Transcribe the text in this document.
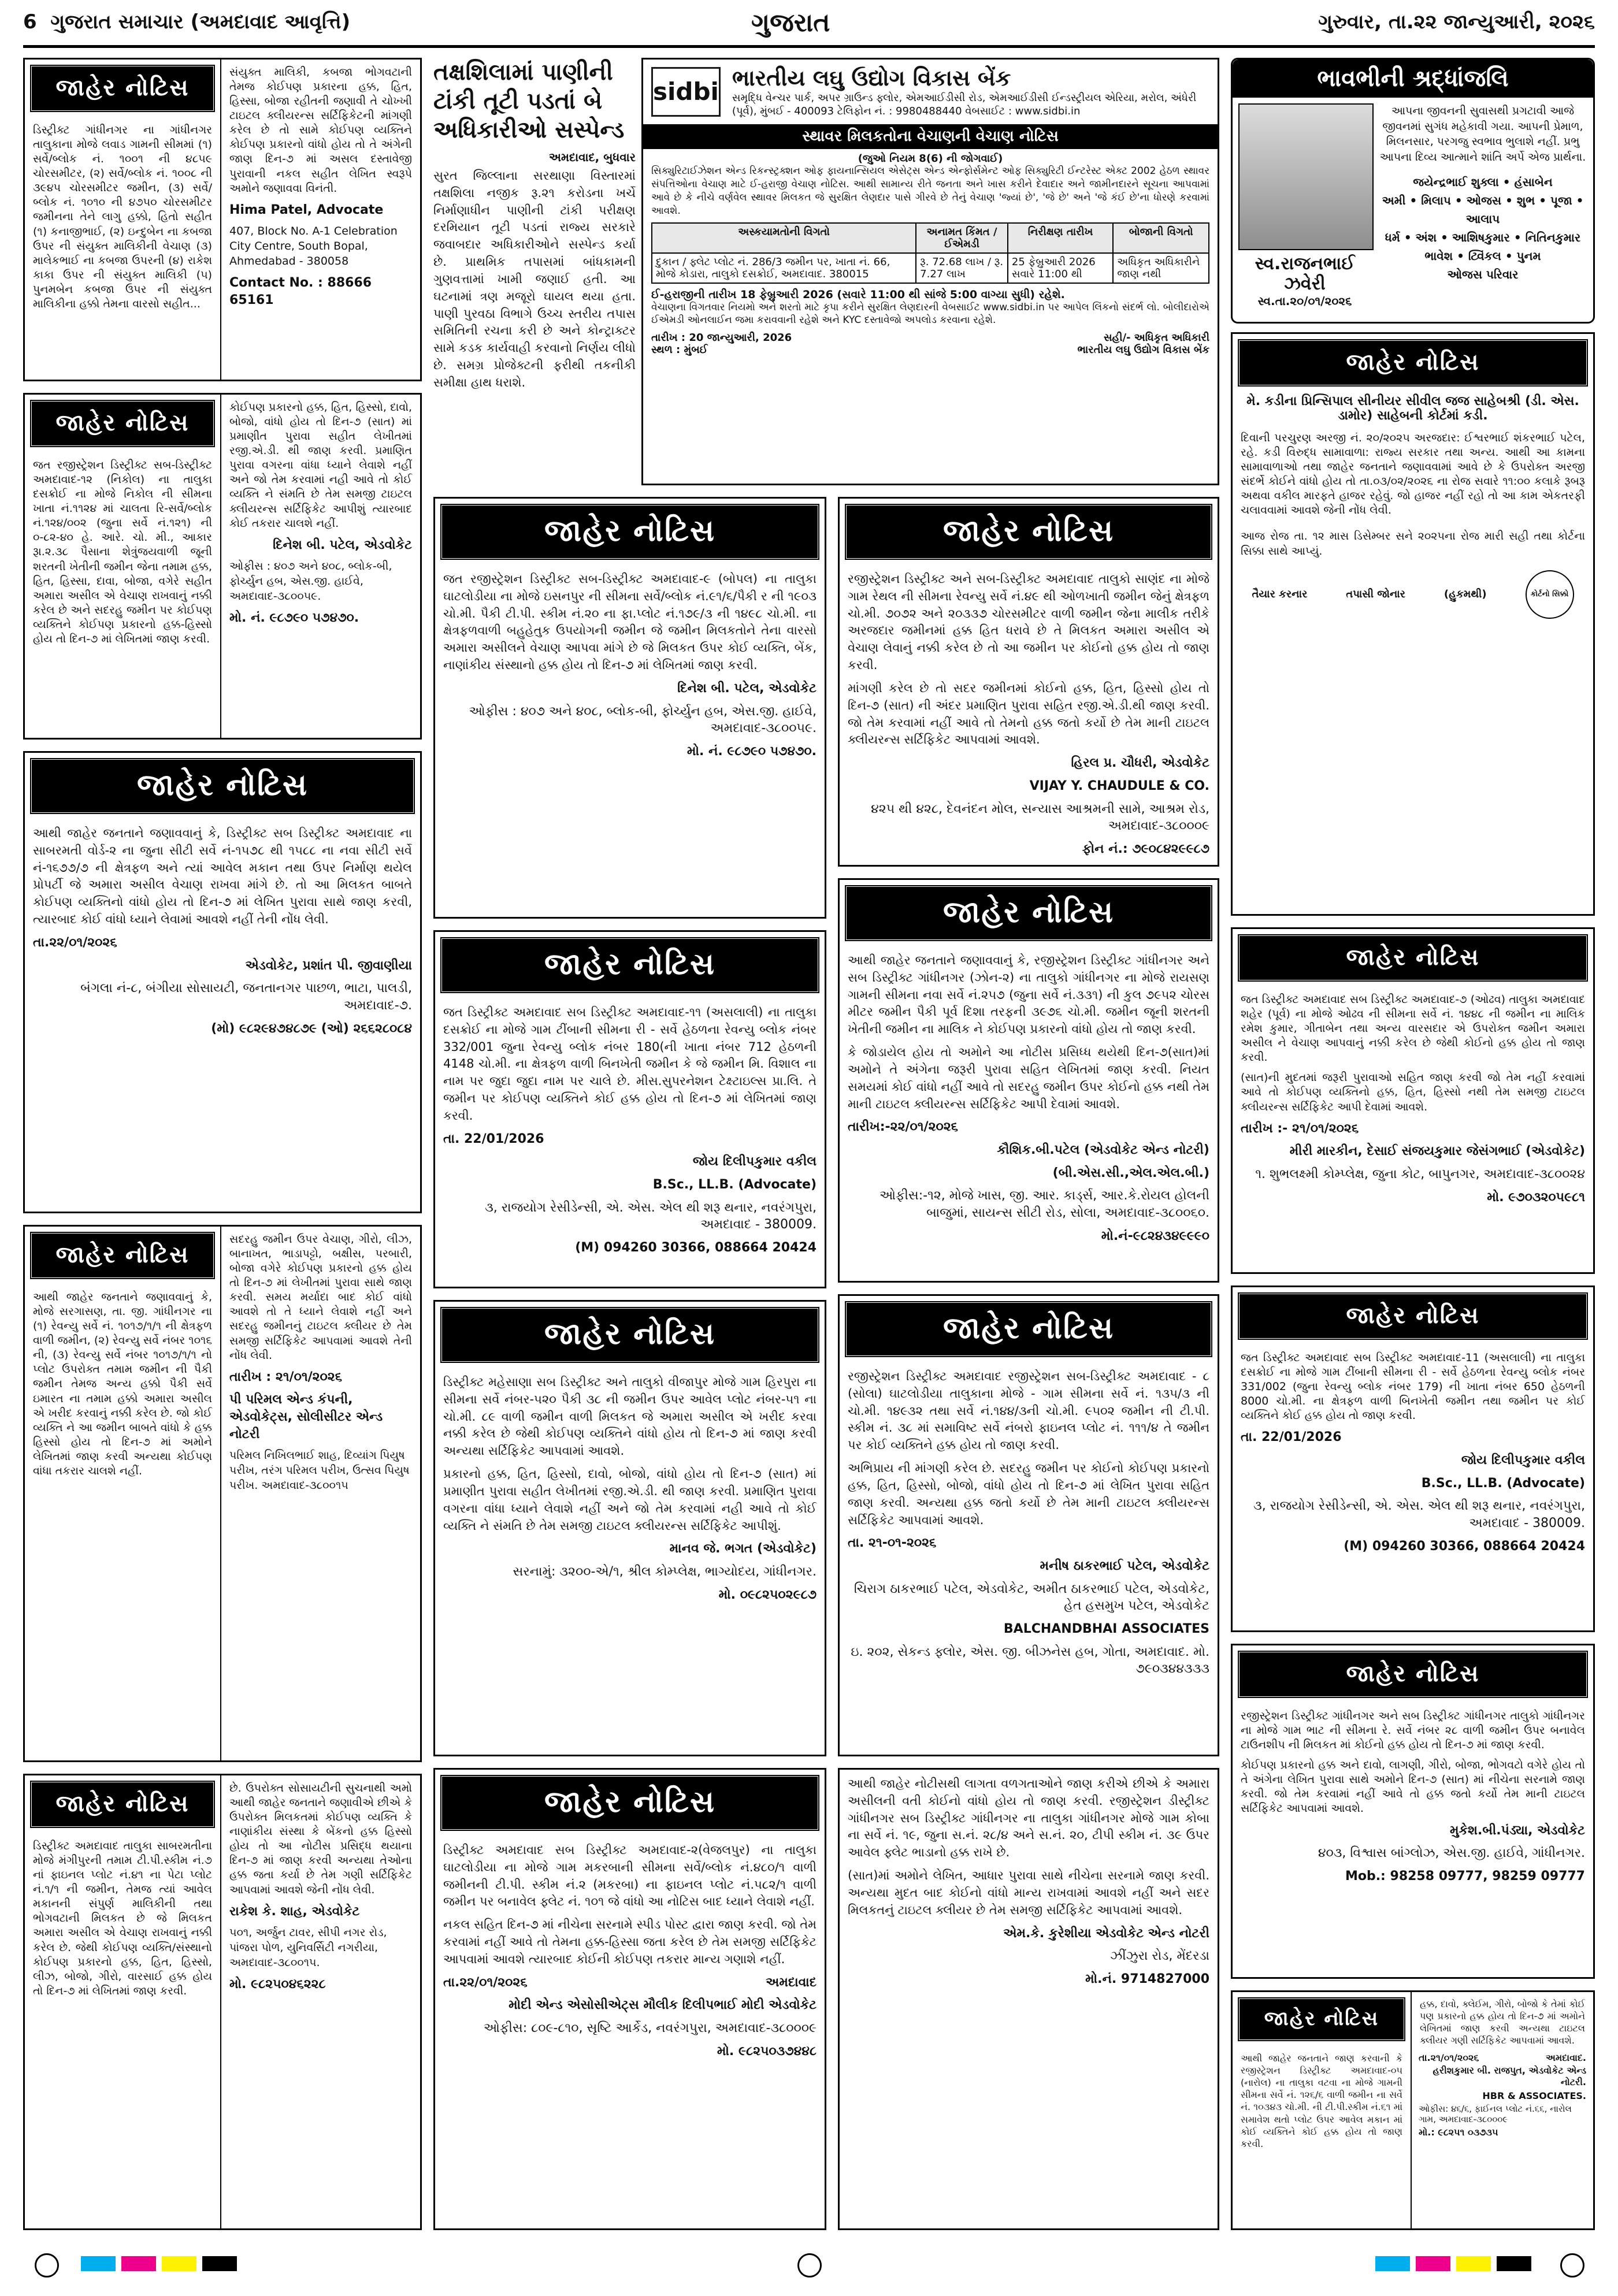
6 ગુજરાત સમાચાર (અમદાવાદ આવૃત્તિ)	ગુજરાત	ગુરુવાર, તા.૨૨ જાન્યુઆરી, ૨૦૨૬
જાહેર નોટિસ
ડિસ્ટ્રીક્ટ ગાંધીનગર ના ગાંધીનગર તાલુકાના મોજે લવાડ ગામની સીમમાં (૧) સર્વે/બ્લોક નં. ૧૦૦૧ ની ૪૮૫૯ ચોરસમીટર, (૨) સર્વે/બ્લોક નં. ૧૦૦૮ ની ૩૯૪૫ ચોરસમીટર જમીન, (૩) સર્વે/બ્લોક નં. ૧૦૧૦ ની ૪૭૫૦ ચોરસમીટર જમીનના તેને લાગુ હક્કો, હિતો સહીત (૧) કનાજીભાઈ, (૨) ઇન્દુબેન ના કબજા ઉપર ની સંયુક્ત માલિકીની વેચાણ (૩) માલેકભાઈ ના કબજા ઉપરની (૪) રાકેશ કાકા ઉપર ની સંયુક્ત માલિકી (૫) પુનમબેન કબજા ઉપર ની સંયુક્ત માલિકીના હક્કો તેમના વારસો સહીત...
સંયુક્ત માલિકી, કબજા ભોગવટાની તેમજ કોઈપણ પ્રકારના હક્ક, હિત, હિસ્સા, બોજા રહીતની જણાવી તે ચોખ્ખી ટાઇટલ ક્લીયરન્સ સર્ટિફિકેટની માંગણી કરેલ છે તો સામે કોઈપણ વ્યક્તિને કોઈપણ પ્રકારનો વાંધો હોય તો તે અંગેની જાણ દિન-૭ માં અસલ દસ્તાવેજી પુરાવાની નકલ સહીત લેખિત સ્વરૂપે અમોને જણાવવા વિનંતી.
Hima Patel, Advocate
407, Block No. A-1 Celebration City Centre, South Bopal, Ahmedabad - 380058
Contact No. : 88666 65161
જાહેર નોટિસ
જત રજીસ્ટ્રેશન ડિસ્ટ્રીક્ટ સબ-ડિસ્ટ્રીક્ટ અમદાવાદ-૧૨ (નિકોલ) ના તાલુકા દસક્રોઈ ના મોજે નિકોલ ની સીમના ખાતા નં.૧૧૨૪ માં ચાલતા રિ-સર્વે/બ્લોક નં.૧૨૪/૦૦૨ (જુના સર્વે નં.૧૨૧) ની ૦-૮૨-૪૦ હે. આરે. ચો. મી., આકાર રૂા.૨.૩૮ પૈસાના શેત્રુંજયવાળી જૂની શરતની ખેતીની જમીન જેના તમામ હક્ક, હિત, હિસ્સા, દાવા, બોજા, વગેરે સહીત અમારા અસીલ એ વેચાણ રાખવાનું નક્કી કરેલ છે અને સદરહુ જમીન પર કોઈપણ વ્યક્તિને કોઈપણ પ્રકારનો હક્ક-હિસ્સો હોય તો દિન-૭ માં લેખિતમાં જાણ કરવી.
કોઈપણ પ્રકારનો હક્ક, હિત, હિસ્સો, દાવો, બોજો, વાંધો હોય તો દિન-૭ (સાત) માં પ્રમાણીત પુરાવા સહીત લેખીતમાં રજી.એ.ડી. થી જાણ કરવી. પ્રમાણિત પુરાવા વગરના વાંધા ધ્યાને લેવાશે નહીં અને જો તેમ કરવામાં નહી આવે તો કોઈ વ્યક્તિ ને સંમતિ છે તેમ સમજી ટાઇટલ ક્લીયરન્સ સર્ટિફિકેટ આપીશું ત્યારબાદ કોઈ તકરાર ચાલશે નહીં.
દિનેશ બી. પટેલ, એડવોકેટ
ઓફીસ : ૪૦૭ અને ૪૦૮, બ્લોક-બી, ફોર્ચ્યુન હબ, એસ.જી. હાઈવે, અમદાવાદ-૩૮૦૦૫૯.
મો. નં. ૯૮૭૯૦ ૫૭૪૭૦.
જાહેર નોટિસ
આથી જાહેર જનતાને જણાવવાનું કે, ડિસ્ટ્રીક્ટ સબ ડિસ્ટ્રીક્ટ અમદાવાદ ના સાબરમતી વોર્ડ-૨ ના જુના સીટી સર્વે નં-૧૫૭૮ થી ૧૫૮૮ ના નવા સીટી સર્વે નં-૧૬૭૭/૭ ની ક્ષેત્રફળ અને ત્યાં આવેલ મકાન તથા ઉપર નિર્માણ થયેલ પ્રોપર્ટી જે અમારા અસીલ વેચાણ રાખવા માંગે છે. તો આ મિલકત બાબતે કોઈપણ વ્યક્તિનો વાંધો હોય તો દિન-૭ માં લેખિત પુરાવા સાથે જાણ કરવી, ત્યારબાદ કોઈ વાંધો ધ્યાને લેવામાં આવશે નહીં તેની નોંધ લેવી.
તા.૨૨/૦૧/૨૦૨૬
એડવોકેટ, પ્રશાંત પી. જીવાણીયા
બંગલા નં-૮, બંગીયા સોસાયટી, જનતાનગર પાછળ, ભાટા, પાલડી, અમદાવાદ-૭.
(મો) ૯૮૨૯૪૭૪૮૭૯ (ઓ) ૨૬૬૨૮૦૮૪
જાહેર નોટિસ
આથી જાહેર જનતાને જણાવવાનું કે, મોજે સરગાસણ, તા. જી. ગાંધીનગર ના (૧) રેવન્યુ સર્વે નં. ૧૦૧૭/૧/૧ ની ક્ષેત્રફળ વાળી જમીન, (૨) રેવન્યુ સર્વે નંબર ૧૦૧૬ ની, (૩) રેવન્યુ સર્વે નંબર ૧૦૧૭/૧/૧ નો પ્લોટ ઉપરોક્ત તમામ જમીન ની પૈકી જમીન તેમજ અન્ય હક્કો પૈકી સર્વે ઇમારત ના તમામ હક્કો અમારા અસીલ એ ખરીદ કરવાનું નક્કી કરેલ છે. જો કોઈ વ્યક્તિ ને આ જમીન બાબતે વાંધો કે હક્ક હિસ્સો હોય તો દિન-૭ માં અમોને લેખિતમાં જાણ કરવી અન્યથા કોઈપણ વાંધા તકરાર ચાલશે નહીં.
સદરહુ જમીન ઉપર વેચાણ, ગીરો, લીઝ, બાનાખત, ભાડાપટ્ટો, બક્ષીસ, પરબારી, બોજા વગેરે કોઈપણ પ્રકારનો હક્ક હોય તો દિન-૭ માં લેખીતમાં પુરાવા સાથે જાણ કરવી. સમય મર્યાદા બાદ કોઈ વાંધો આવશે તો તે ધ્યાને લેવાશે નહીં અને સદરહુ જમીનનું ટાઇટલ ક્લીયર છે તેમ સમજી સર્ટિફિકેટ આપવામાં આવશે તેની નોંધ લેવી.
તારીખ : ૨૧/૦૧/૨૦૨૬
પી પરિમલ એન્ડ કંપની, એડવોકેટ્સ, સોલીસીટર એન્ડ નોટરી
પરિમલ નિખિલભાઈ શાહ, દિવ્યાંગ પિયુષ પરીખ, તરંગ પરિમલ પરીખ, ઉત્સવ પિયુષ પરીખ. અમદાવાદ-૩૮૦૦૧૫
જાહેર નોટિસ
ડિસ્ટ્રીક્ટ અમદાવાદ તાલુકા સાબરમતીના મોજે મંગીપુરની તમામ ટી.પી.સ્કીમ નં.૭ નાં ફાઇનલ પ્લોટ નં.૪૧ ના પેટા પ્લોટ નં.૧/૧ ની જમીન, તેમજ ત્યાં આવેલ મકાનની સંપુર્ણ માલિકીની તથા ભોગવટાની મિલકત છે જે મિલકત અમારા અસીલ એ વેચાણ રાખવાનું નક્કી કરેલ છે. જેથી કોઈપણ વ્યક્તિ/સંસ્થાનો કોઈપણ પ્રકારનો હક્ક, હિત, હિસ્સો, લીઝ, બોજો, ગીરો, વારસાઈ હક્ક હોય તો દિન-૭ માં લેખિતમાં જાણ કરવી.
છે. ઉપરોક્ત સોસાયટીની સુચનાથી અમો આથી જાહેર જનતાને જણાવીએ છીએ કે ઉપરોક્ત મિલકતમાં કોઈપણ વ્યક્તિ કે નાણાંકીય સંસ્થા કે બેંકનો હક્ક હિસ્સો હોય તો આ નોટીસ પ્રસિદ્ધ થયાના દિન-૭ માં જાણ કરવી અન્યથા તેઓના હક્ક જતા કર્યા છે તેમ ગણી સર્ટિફિકેટ આપવામાં આવશે જેની નોંધ લેવી.
રાકેશ કે. શાહ, એડવોકેટ
૫૦૧, અર્જુન ટાવર, સીપી નગર રોડ, પાંજરા પોળ, યુનિવર્સિટી નગરીયા, અમદાવાદ-૩૮૦૦૧૫.
મો. ૯૮૨૫૦૪૬૨૨૮
તક્ષશિલામાં પાણીની ટાંકી તૂટી પડતાં બે અધિકારીઓ સસ્પેન્ડ
અમદાવાદ, બુધવાર
સુરત જિલ્લાના સરથાણા વિસ્તારમાં તક્ષશિલા નજીક રૂ.૨૧ કરોડના ખર્ચે નિર્માણાધીન પાણીની ટાંકી પરીક્ષણ દરમિયાન તૂટી પડતાં રાજ્ય સરકારે જવાબદાર અધિકારીઓને સસ્પેન્ડ કર્યા છે. પ્રાથમિક તપાસમાં બાંધકામની ગુણવત્તામાં ખામી જણાઈ હતી. આ ઘટનામાં ત્રણ મજૂરો ઘાયલ થયા હતા. પાણી પુરવઠા વિભાગે ઉચ્ચ સ્તરીય તપાસ સમિતિની રચના કરી છે અને કોન્ટ્રાક્ટર સામે કડક કાર્યવાહી કરવાનો નિર્ણય લીધો છે. સમગ્ર પ્રોજેક્ટની ફરીથી તકનીકી સમીક્ષા હાથ ધરાશે.
sidbi ભારતીય લઘુ ઉદ્યોગ વિકાસ બેંક
સમૃદ્ધિ વેન્ચર પાર્ક, અપર ગ્રાઉન્ડ ફ્લોર, એમઆઈડીસી રોડ, એમઆઈડીસી ઈન્ડસ્ટ્રીયલ એરિયા, મરોલ, અંધેરી (પૂર્વ), મુંબઈ - 400093 ટેલિફોન નં. : 9980488440 વેબસાઈટ : www.sidbi.in
સ્થાવર મિલકતોના વેચાણની વેચાણ નોટિસ
(જુઓ નિયમ 8(6) ની જોગવાઈ)
સિક્યુરિટાઈઝેશન એન્ડ રિકન્સ્ટ્રક્શન ઓફ ફાયનાન્સિયલ એસેટ્સ એન્ડ એન્ફોર્સમેન્ટ ઓફ સિક્યુરિટી ઈન્ટરેસ્ટ એક્ટ 2002 હેઠળ સ્થાવર સંપત્તિઓના વેચાણ માટે ઈ-હરાજી વેચાણ નોટિસ. આથી સામાન્ય રીતે જનતા અને ખાસ કરીને દેવાદાર અને જામીનદારને સૂચના આપવામાં આવે છે કે નીચે વર્ણવેલ સ્થાવર મિલકત જે સુરક્ષિત લેણદાર પાસે ગીરવે છે તેનું વેચાણ 'જ્યાં છે', 'જે છે' અને 'જે કંઈ છે'ના ધોરણે કરવામાં આવશે.
અસ્કયામતોની વિગતો	અનામત કિંમત / ઈએમડી	નિરીક્ષણ તારીખ	બોજાની વિગતો
દુકાન / ફ્લેટ પ્લોટ નં. 286/3 જમીન પર, ખાતા નં. 66, મોજે કોડારા, તાલુકો દસક્રોઈ, અમદાવાદ. 380015	રૂ. 72.68 લાખ / રૂ. 7.27 લાખ	25 ફેબ્રુઆરી 2026 સવારે 11:00 થી	અધિકૃત અધિકારીને જાણ નથી
ઈ-હરાજીની તારીખ 18 ફેબ્રુઆરી 2026 (સવારે 11:00 થી સાંજે 5:00 વાગ્યા સુધી) રહેશે.
વેચાણના વિગતવાર નિયમો અને શરતો માટે કૃપા કરીને સુરક્ષિત લેણદારની વેબસાઈટ www.sidbi.in પર આપેલ લિંકનો સંદર્ભ લો. બોલીદારોએ ઈએમડી ઓનલાઈન જમા કરાવવાની રહેશે અને KYC દસ્તાવેજો અપલોડ કરવાના રહેશે.
તારીખ : 20 જાન્યુઆરી, 2026
સ્થળ : મુંબઈ
સહી/- અધિકૃત અધિકારી
ભારતીય લઘુ ઉદ્યોગ વિકાસ બેંક
ભાવભીની શ્રદ્ધાંજલિ
સ્વ.રાજનભાઈ ઝવેરી
સ્વ.તા.૨૦/૦૧/૨૦૨૬
આપના જીવનની સુવાસથી પ્રગટાવી આજે જીવનમાં સુગંધ મહેકાવી ગયા. આપની પ્રેમાળ, મિલનસાર, પરગજુ સ્વભાવ ભુલાશે નહીં. પ્રભુ આપના દિવ્ય આત્માને શાંતિ અર્પે એજ પ્રાર્થના.
જયેન્દ્રભાઈ શુક્લા • હંસાબેન
અમી • મિલાપ • ઓજસ • શુભ • પૂજા • આલાપ
ધર્મ • અંશ • આશિષકુમાર • નિતિનકુમાર
ભાવેશ • ટ્વિંકલ • પુનમ
ઓજસ પરિવાર
જાહેર નોટિસ
મે. કડીના પ્રિન્સિપાલ સીનીયર સીવીલ જજ સાહેબશ્રી (ડી. એસ. ડામોર) સાહેબની કોર્ટમાં કડી.
દિવાની પરચુરણ અરજી નં. ૨૦/૨૦૨૫ અરજદાર: ઈશ્વરભાઈ શંકરભાઈ પટેલ, રહે. કડી વિરુદ્ધ સામાવાળા: રાજ્ય સરકાર તથા અન્ય. આથી આ કામના સામાવાળાઓ તથા જાહેર જનતાને જણાવવામાં આવે છે કે ઉપરોક્ત અરજી સંદર્ભે કોઈને વાંધો હોય તો તા.૦૩/૦૨/૨૦૨૬ ના રોજ સવારે ૧૧:૦૦ કલાકે રૂબરૂ અથવા વકીલ મારફતે હાજર રહેવું. જો હાજર નહીં રહો તો આ કામ એકતરફી ચલાવવામાં આવશે જેની નોંધ લેવી.
આજ રોજ તા. ૧૨ માસ ડિસેમ્બર સને ૨૦૨૫ના રોજ મારી સહી તથા કોર્ટના સિક્કા સાથે આપ્યું.
તૈયાર કરનાર	તપાસી જોનાર	(હુકમથી)	કોર્ટનો સિક્કો
જાહેર નોટિસ
જત રજીસ્ટ્રેશન ડિસ્ટ્રીક્ટ સબ-ડિસ્ટ્રીક્ટ અમદાવાદ-૯ (બોપલ) ના તાલુકા ઘાટલોડીયા ના મોજે ઇસનપુર ની સીમના સર્વે/બ્લોક નં.૯૧/૬/પૈકી ર ની ૧૯૦૩ ચો.મી. પૈકી ટી.પી. સ્કીમ નં.૨૦ ના ફા.પ્લોટ નં.૧૭૯/૩ ની ૧૪૯૮ ચો.મી. ના ક્ષેત્રફળવાળી બહુહેતુક ઉપયોગની જમીન જે જમીન મિલકતોને તેના વારસો અમારા અસીલને વેચાણ આપવા માંગે છે જે મિલકત ઉપર કોઈ વ્યક્તિ, બેંક, નાણાંકીય સંસ્થાનો હક્ક હોય તો દિન-૭ માં લેખિતમાં જાણ કરવી.
દિનેશ બી. પટેલ, એડવોકેટ
ઓફીસ : ૪૦૭ અને ૪૦૮, બ્લોક-બી, ફોર્ચ્યુન હબ, એસ.જી. હાઈવે, અમદાવાદ-૩૮૦૦૫૯.
મો. નં. ૯૮૭૯૦ ૫૭૪૭૦.
જાહેર નોટિસ
જત ડિસ્ટ્રીક્ટ અમદાવાદ સબ ડિસ્ટ્રીક્ટ અમદાવાદ-૧૧ (અસલાલી) ના તાલુકા દસક્રોઈ ના મોજે ગામ ટીંબાની સીમના રી - સર્વે હેઠળના રેવન્યુ બ્લોક નંબર 332/001 જુના રેવન્યુ બ્લોક નંબર 180(ની ખાતા નંબર 712 હેઠળની 4148 ચો.મી. ના ક્ષેત્રફળ વાળી બિનખેતી જમીન કે જે જમીન મિ. વિશાલ ના નામ પર જુદા જુદા નામ પર ચાલે છે. મીસ.સુપરનેશન ટેક્ષ્ટાઇલ્સ પ્રા.લિ. તે જમીન પર કોઈપણ વ્યક્તિને કોઈ હક્ક હોય તો દિન-૭ માં લેખિતમાં જાણ કરવી.
તા. 22/01/2026
જોય દિલીપકુમાર વકીલ
B.Sc., LL.B. (Advocate)
૩, રાજયોગ રેસીડેન્સી, એ. એસ. એલ થી શરૂ થનાર, નવરંગપુરા, અમદાવાદ - 380009.
(M) 094260 30366, 088664 20424
જાહેર નોટિસ
ડિસ્ટ્રીક્ટ મહેસાણા સબ ડિસ્ટ્રીક્ટ અને તાલુકો વીજાપુર મોજે ગામ હિરપુરા ના સીમના સર્વે નંબર-૫૨૦ પૈકી ૩૮ ની જમીન ઉપર આવેલ પ્લોટ નંબર-૫૧ ના ચો.મી. ૮૯ વાળી જમીન વાળી મિલકત જે અમારા અસીલ એ ખરીદ કરવા નક્કી કરેલ છે જેથી કોઈપણ વ્યક્તિને વાંધો હોય તો દિન-૭ માં જાણ કરવી અન્યથા સર્ટિફિકેટ આપવામાં આવશે.
પ્રકારનો હક્ક, હિત, હિસ્સો, દાવો, બોજો, વાંધો હોય તો દિન-૭ (સાત) માં પ્રમાણીત પુરાવા સહીત લેખીતમાં રજી.એ.ડી. થી જાણ કરવી. પ્રમાણિત પુરાવા વગરના વાંધા ધ્યાને લેવાશે નહીં અને જો તેમ કરવામાં નહી આવે તો કોઈ વ્યક્તિ ને સંમતિ છે તેમ સમજી ટાઇટલ ક્લીયરન્સ સર્ટિફિકેટ આપીશું.
માનવ જે. ભગત (એડવોકેટ)
સરનામું: ૩૨૦૦-એ/૧, શ્રીલ કોમ્પ્લેક્ષ, ભાગ્યોદય, ગાંધીનગર.
મો. ૦૯૮૨૫૦૨૯૮૭
જાહેર નોટિસ
ડિસ્ટ્રીક્ટ અમદાવાદ સબ ડિસ્ટ્રીક્ટ અમદાવાદ-૨(વેજલપુર) ના તાલુકા ઘાટલોડીયા ના મોજે ગામ મકરબાની સીમના સર્વે/બ્લોક નં.૪૮૦/૧ વાળી જમીનની ટી.પી. સ્કીમ નં.૨ (મકરબા) ના ફાઇનલ પ્લોટ નં.૫૮૨/૧ વાળી જમીન પર બનાવેલ ફ્લેટ નં. ૧૦૧ જે વાંધો આ નોટિસ બાદ ધ્યાને લેવાશે નહીં.
નકલ સહિત દિન-૭ માં નીચેના સરનામે સ્પીડ પોસ્ટ દ્વારા જાણ કરવી. જો તેમ કરવામાં નહીં આવે તો તેમના હક્ક-હિસ્સા જતા કરેલ છે તેમ સમજી સર્ટિફિકેટ આપવામાં આવશે ત્યારબાદ કોઈની કોઈપણ તકરાર માન્ય ગણાશે નહીં.
તા.૨૨/૦૧/૨૦૨૬	અમદાવાદ
મોદી એન્ડ એસોસીએટ્સ મૌલીક દિલીપભાઈ મોદી એડવોકેટ
ઓફીસ: ૮૦૯-૮૧૦, સૃષ્ટિ આર્કેડ, નવરંગપુરા, અમદાવાદ-૩૮૦૦૦૯
મો. ૯૮૨૫૦૩૭૪૪૮
જાહેર નોટિસ
રજીસ્ટ્રેશન ડિસ્ટ્રીક્ટ અને સબ-ડિસ્ટ્રીક્ટ અમદાવાદ તાલુકો સાણંદ ના મોજે ગામ રેથલ ની સીમના રેવન્યુ સર્વે નં.૪૯ થી ઓળખાતી જમીન જેનું ક્ષેત્રફળ ચો.મી. ૭૦૭૨ અને ૨૦૩૩૭ ચોરસમીટર વાળી જમીન જેના માલીક તરીકે અરજદાર જમીનમાં હક્ક હિત ધરાવે છે તે મિલકત અમારા અસીલ એ વેચાણ લેવાનું નક્કી કરેલ છે તો આ જમીન પર કોઈનો હક્ક હોય તો જાણ કરવી.
માંગણી કરેલ છે તો સદર જમીનમાં કોઈનો હક્ક, હિત, હિસ્સો હોય તો દિન-૭ (સાત) ની અંદર પ્રમાણિત પુરાવા સહિત રજી.એ.ડી.થી જાણ કરવી. જો તેમ કરવામાં નહીં આવે તો તેમનો હક્ક જતો કર્યો છે તેમ માની ટાઇટલ ક્લીયરન્સ સર્ટિફિકેટ આપવામાં આવશે.
હિરલ પ્ર. ચૌધરી, એડવોકેટ
VIJAY Y. CHAUDULE & CO.
૪૨૫ થી ૪૨૮, દેવનંદન મોલ, સન્યાસ આશ્રમની સામે, આશ્રમ રોડ, અમદાવાદ-૩૮૦૦૦૯
ફોન નં.: ૭૯૦૮૪૨૯૯૮૭
જાહેર નોટિસ
આથી જાહેર જનતાને જણાવવાનું કે, રજીસ્ટ્રેશન ડિસ્ટ્રીક્ટ ગાંધીનગર અને સબ ડિસ્ટ્રીક્ટ ગાંધીનગર (ઝોન-૨) ના તાલુકો ગાંધીનગર ના મોજે રાયસણ ગામની સીમના નવા સર્વે નં.૨૫૭ (જુના સર્વે નં.૩૩૧) ની કુલ ૭૯૫૨ ચોરસ મીટર જમીન પૈકી પૂર્વ દિશા તરફની ૩૯૭૬ ચો.મી. જમીન જૂની શરતની ખેતીની જમીન ના માલિક ને કોઈપણ પ્રકારનો વાંધો હોય તો જાણ કરવી.
કે જોડાયેલ હોય તો અમોને આ નોટીસ પ્રસિધ્ધ થયેથી દિન-૭(સાત)માં અમોને તે અંગેના જરૂરી પુરાવા સહિત લેખિતમાં જાણ કરવી. નિયત સમયમાં કોઈ વાંધો નહીં આવે તો સદરહુ જમીન ઉપર કોઈનો હક્ક નથી તેમ માની ટાઇટલ ક્લીયરન્સ સર્ટિફિકેટ આપી દેવામાં આવશે.
તારીખ:-૨૨/૦૧/૨૦૨૬
કૌશિક.બી.પટેલ (એડવોકેટ એન્ડ નોટરી)
(બી.એસ.સી.,એલ.એલ.બી.)
ઓફીસ:-૧૨, મોજે ખાસ, જી. આર. કાર્ડ્સ, આર.કે.રોયલ હોલની બાજુમાં, સાયન્સ સીટી રોડ, સોલા, અમદાવાદ-૩૮૦૦૬૦.
મો.નં-૯૮૨૪૩૪૯૯૯૦
જાહેર નોટિસ
રજીસ્ટ્રેશન ડિસ્ટ્રીક્ટ અમદાવાદ રજીસ્ટ્રેશન સબ-ડિસ્ટ્રીક્ટ અમદાવાદ - ૮ (સોલા) ઘાટલોડીયા તાલુકાના મોજે - ગામ સીમના સર્વે નં. ૧૩૫/૩ ની ચો.મી. ૧૪૯૩૨ તથા સર્વે નં.૧૪૪/૩ની ચો.મી. ૯૫૦૨ જમીન ની ટી.પી. સ્કીમ નં. ૩૮ માં સમાવિષ્ટ સર્વે નંબરો ફાઇનલ પ્લોટ નં. ૧૧૧/૪ તે જમીન પર કોઈ વ્યક્તિને હક્ક હોય તો જાણ કરવી.
અભિપ્રાય ની માંગણી કરેલ છે. સદરહુ જમીન પર કોઈનો કોઈપણ પ્રકારનો હક્ક, હિત, હિસ્સો, બોજો, વાંધો હોય તો દિન-૭ માં લેખિત પુરાવા સહિત જાણ કરવી. અન્યથા હક્ક જતો કર્યો છે તેમ માની ટાઇટલ ક્લીયરન્સ સર્ટિફિકેટ આપવામાં આવશે.
તા. ૨૧-૦૧-૨૦૨૬
મનીષ ઠાકરભાઈ પટેલ, એડવોકેટ
ચિરાગ ઠાકરભાઈ પટેલ, એડવોકેટ, અમીત ઠાકરભાઈ પટેલ, એડવોકેટ, હેત હસમુખ પટેલ, એડવોકેટ
BALCHANDBHAI ASSOCIATES
ઇ. ૨૦૨, સેકન્ડ ફ્લોર, એસ. જી. બીઝનેસ હબ, ગોતા, અમદાવાદ. મો. ૭૯૦૩૪૪૩૩૩
આથી જાહેર નોટીસથી લાગતા વળગતાઓને જાણ કરીએ છીએ કે અમારા અસીલની વતી કોઈનો વાંધો હોય તો જાણ કરવી. રજીસ્ટ્રેશન ડીસ્ટ્રીક્ટ ગાંધીનગર સબ ડિસ્ટ્રીક્ટ ગાંધીનગર ના તાલુકા ગાંધીનગર મોજે ગામ કોબા ના સર્વે નં. ૧૯, જુના સ.નં. ૨૮/૪ અને સ.નં. ૨૦, ટીપી સ્કીમ નં. ૩૯ ઉપર આવેલ ફ્લેટ ભાડાનો હક્ક રાખે છે.
(સાત)માં અમોને લેખિત, આધાર પુરાવા સાથે નીચેના સરનામે જાણ કરવી. અન્યથા મુદત બાદ કોઈનો વાંધો માન્ય રાખવામાં આવશે નહીં અને સદર મિલકતનું ટાઇટલ ક્લીયર છે તેમ સમજી સર્ટિફિકેટ આપવામાં આવશે.
એમ.કે. કુરેશીયા એડવોકેટ એન્ડ નોટરી
ઝીંઝુરા રોડ, મેંદરડા
મો.નં. 9714827000
જાહેર નોટિસ
જત ડિસ્ટ્રીક્ટ અમદાવાદ સબ ડિસ્ટ્રીક્ટ અમદાવાદ-૭ (ઓઢવ) તાલુકા અમદાવાદ શહેર (પૂર્વ) ના મોજે ઓઢવ ની સીમના સર્વે નં. ૧૪૪૮ ની જમીન ના માલિક રમેશ કુમાર, ગીતાબેન તથા અન્ય વારસદાર એ ઉપરોક્ત જમીન અમારા અસીલ ને વેચાણ આપવાનું નક્કી કરેલ છે જેથી કોઈનો હક્ક હોય તો જાણ કરવી.
(સાત)ની મુદતમાં જરૂરી પુરાવાઓ સહિત જાણ કરવી જો તેમ નહીં કરવામાં આવે તો કોઈપણ વ્યક્તિનો હક્ક, હિત, હિસ્સો નથી તેમ સમજી ટાઇટલ ક્લીયરન્સ સર્ટિફિકેટ આપી દેવામાં આવશે.
તારીખ :- ૨૧/૦૧/૨૦૨૬
મીરી મારકીન, દેસાઈ સંજયકુમાર જેસંગભાઈ (એડવોકેટ)
૧. શુભલક્ષ્મી કોમ્પ્લેક્ષ, જુના કોટ, બાપુનગર, અમદાવાદ-૩૮૦૦૨૪
મો. ૯૭૦૩૨૦૫૯૮૧
જાહેર નોટિસ
જત ડિસ્ટ્રીક્ટ અમદાવાદ સબ ડિસ્ટ્રીક્ટ અમદાવાદ-11 (અસલાલી) ના તાલુકા દસક્રોઈ ના મોજે ગામ ટીંબાની સીમના રી - સર્વે હેઠળના રેવન્યુ બ્લોક નંબર 331/002 (જુના રેવન્યુ બ્લોક નંબર 179) ની ખાતા નંબર 650 હેઠળની 8000 ચો.મી. ના ક્ષેત્રફળ વાળી બિનખેતી જમીન તથા જમીન પર કોઈ વ્યક્તિને કોઈ હક્ક હોય તો જાણ કરવી.
તા. 22/01/2026
જોય દિલીપકુમાર વકીલ
B.Sc., LL.B. (Advocate)
૩, રાજયોગ રેસીડેન્સી, એ. એસ. એલ થી શરૂ થનાર, નવરંગપુરા, અમદાવાદ - 380009.
(M) 094260 30366, 088664 20424
જાહેર નોટિસ
રજીસ્ટ્રેશન ડિસ્ટ્રીક્ટ ગાંધીનગર અને સબ ડિસ્ટ્રીક્ટ ગાંધીનગર તાલુકો ગાંધીનગર ના મોજે ગામ ભાટ ની સીમના રે. સર્વે નંબર ૨૮ વાળી જમીન ઉપર બનાવેલ ટાઉનશીપ ની મિલકત માં કોઈનો હક્ક હોય તો દિન-૭ માં જાણ કરવી.
કોઈપણ પ્રકારનો હક્ક અને દાવો, લાગણી, ગીરો, બોજા, ભોગવટો વગેરે હોય તો તે અંગેના લેખિત પુરાવા સાથે અમોને દિન-૭ (સાત) માં નીચેના સરનામે જાણ કરવી. જો તેમ કરવામાં નહીં આવે તો હક્ક જતો કર્યો તેમ માની ટાઇટલ સર્ટિફિકેટ આપવામાં આવશે.
મુકેશ.બી.પંડ્યા, એડવોકેટ
૪૦૩, વિશ્વાસ બાંગ્લોઝ, એસ.જી. હાઈવે, ગાંધીનગર.
Mob.: 98258 09777, 98259 09777
જાહેર નોટિસ
આથી જાહેર જનતાને જાણ કરવાની કે રજીસ્ટ્રેશન ડિસ્ટ્રીક્ટ અમદાવાદ-૦૫ (નારોલ) ના તાલુકા વટવા ના મોજે ગામની સીમના સર્વે નં. ૧૨૬/૬ વાળી જમીન ના સર્વે નં. ૧૦૩૪૩ ચો.મી. ની ટી.પી.સ્કીમ નં.૬૧ માં સમાવેશ થતો પ્લોટ ઉપર આવેલ મકાન માં કોઈ વ્યક્તિને કોઈ હક્ક હોય તો જાણ કરવી.
હક્ક, દાવો, ક્લેઈમ, ગીરો, બોજો કે તેમાં કોઈ પણ પ્રકારનો હક્ક હોય તો દિન-૭ માં અમોને લેખિતમાં જાણ કરવી અન્યથા ટાઇટલ ક્લીયર ગણી સર્ટિફિકેટ આપવામાં આવશે.
તા.૨૧/૦૧/૨૦૨૬	અમદાવાદ.
હરીશકુમાર બી. રાજપુત, એડવોકેટ એન્ડ નોટરી.
HBR & ASSOCIATES.
ઓફીસ: ૪૬/૬, ફાઈનલ પ્લોટ નં.૬૬, નારોલ ગામ, અમદાવાદ-૩૮૦૦૦૯
મો.: ૯૮૨૫૧ ૦૩૭૩૫
